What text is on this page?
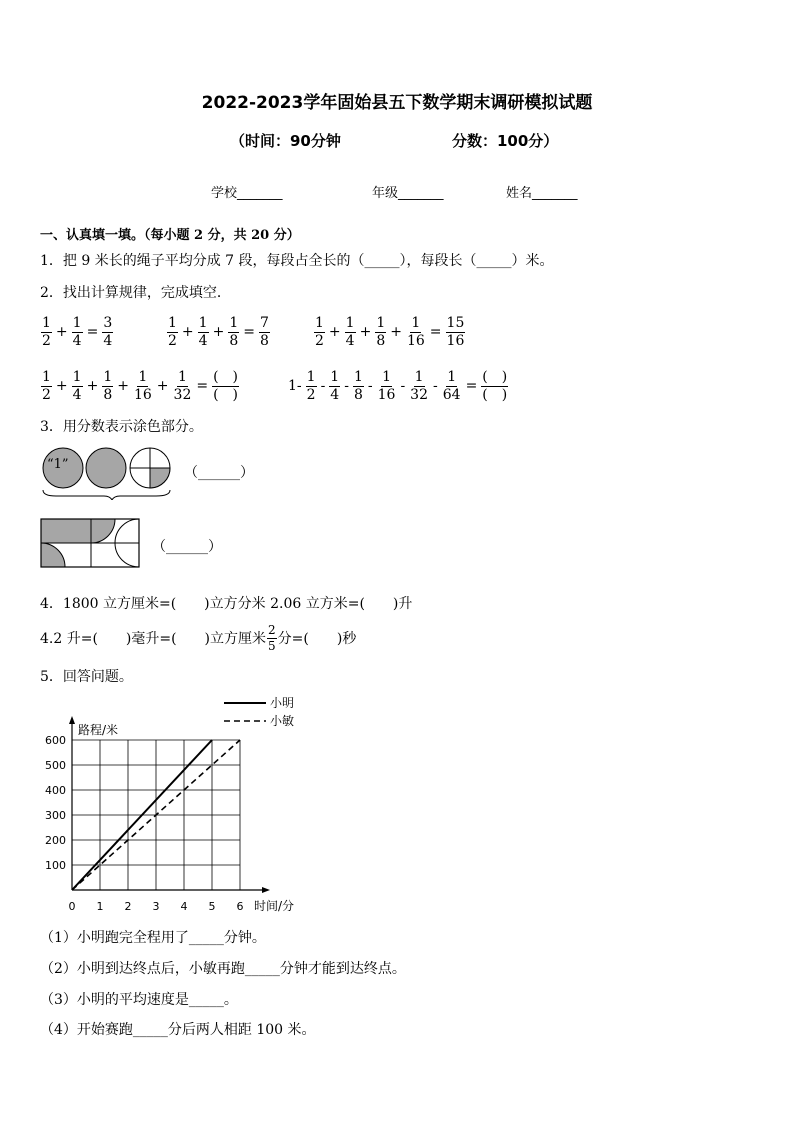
2022-2023学年固始县五下数学期末调研模拟试题
（时间：90分钟	分数：100分）
学校_______	年级_______	姓名_______
一、认真填一填。（每小题 2 分，共 20 分）
1．把 9 米长的绳子平均分成 7 段，每段占全长的（_____），每段长（_____）米。
2．找出计算规律，完成填空．
$\frac{1}{2} + \frac{1}{4} = \frac{3}{4}$	$\frac{1}{2} + \frac{1}{4} + \frac{1}{8} = \frac{7}{8}$	$\frac{1}{2} + \frac{1}{4} + \frac{1}{8} + \frac{1}{16} = \frac{15}{16}$
$\frac{1}{2} + \frac{1}{4} + \frac{1}{8} + \frac{1}{16} + \frac{1}{32} = \frac{( )}{( )}$	$1- \frac{1}{2} - \frac{1}{4} - \frac{1}{8} - \frac{1}{16} - \frac{1}{32} - \frac{1}{64} = \frac{( )}{( )}$
3．用分数表示涂色部分。
“1”
（______）
（______）
4．1800 立方厘米=(　　)立方分米 2.06 立方米=(　　)升
4.2 升=(　　)毫升=(　　)立方厘米 $\frac{2}{5}$ 分=(　　)秒
5．回答问题。
0 1 2 3 4 5 6
100
200
300
400
500
600
路程/米
时间/分
小明
小敏
（1）小明跑完全程用了_____分钟。
（2）小明到达终点后，小敏再跑_____分钟才能到达终点。
（3）小明的平均速度是_____。
（4）开始赛跑_____分后两人相距 100 米。
